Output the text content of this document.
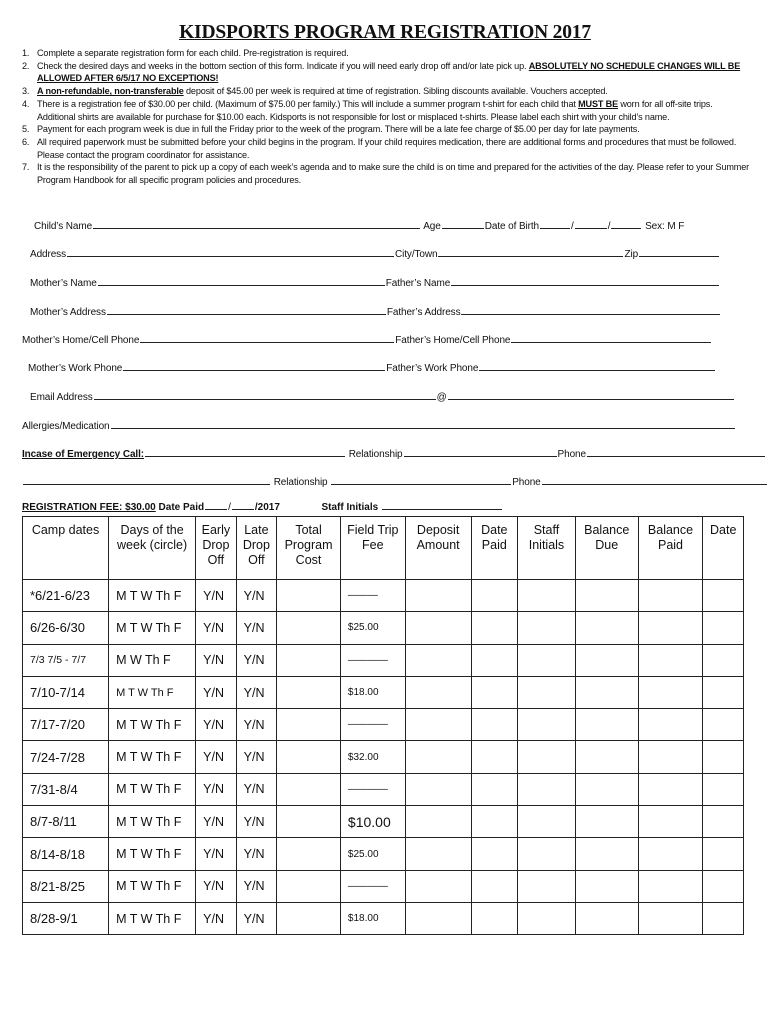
KIDSPORTS PROGRAM REGISTRATION 2017
1. Complete a separate registration form for each child. Pre-registration is required.
2. Check the desired days and weeks in the bottom section of this form. Indicate if you will need early drop off and/or late pick up. ABSOLUTELY NO SCHEDULE CHANGES WILL BE ALLOWED AFTER 6/5/17 NO EXCEPTIONS!
3. A non-refundable, non-transferable deposit of $45.00 per week is required at time of registration. Sibling discounts available. Vouchers accepted.
4. There is a registration fee of $30.00 per child. (Maximum of $75.00 per family.) This will include a summer program t-shirt for each child that MUST BE worn for all off-site trips. Additional shirts are available for purchase for $10.00 each. Kidsports is not responsible for lost or misplaced t-shirts. Please label each shirt with your child’s name.
5. Payment for each program week is due in full the Friday prior to the week of the program. There will be a late fee charge of $5.00 per day for late payments.
6. All required paperwork must be submitted before your child begins in the program. If your child requires medication, there are additional forms and procedures that must be followed. Please contact the program coordinator for assistance.
7. It is the responsibility of the parent to pick up a copy of each week’s agenda and to make sure the child is on time and prepared for the activities of the day. Please refer to your Summer Program Handbook for all specific program policies and procedures.
Child’s Name	Age	Date of Birth	/	/	Sex: M F
Address	City/Town	Zip
Mother’s Name	Father’s Name
Mother’s Address	Father’s Address
Mother’s Home/Cell Phone	Father’s Home/Cell Phone
Mother’s Work Phone	Father’s Work Phone
Email Address	@
Allergies/Medication
Incase of Emergency Call:	Relationship	Phone
Relationship	Phone
REGISTRATION FEE: $30.00 Date Paid / /2017	Staff Initials
Camp dates	Days of the week (circle)	Early Drop Off	Late Drop Off	Total Program Cost	Field Trip Fee	Deposit Amount	Date Paid	Staff Initials	Balance Due	Balance Paid	Date
*6/21-6/23	M T W Th F	Y/N	Y/N		———						
6/26-6/30	M T W Th F	Y/N	Y/N		$25.00						
7/3 7/5 - 7/7	M W Th F	Y/N	Y/N		————						
7/10-7/14	M T W Th F	Y/N	Y/N		$18.00						
7/17-7/20	M T W Th F	Y/N	Y/N		————						
7/24-7/28	M T W Th F	Y/N	Y/N		$32.00						
7/31-8/4	M T W Th F	Y/N	Y/N		————						
8/7-8/11	M T W Th F	Y/N	Y/N		$10.00						
8/14-8/18	M T W Th F	Y/N	Y/N		$25.00						
8/21-8/25	M T W Th F	Y/N	Y/N		————						
8/28-9/1	M T W Th F	Y/N	Y/N		$18.00						
